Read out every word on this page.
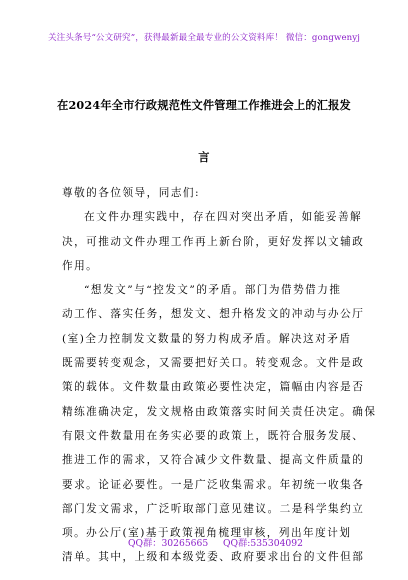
关注头条号“公文研究”，获得最新最全最专业的公文资料库！ 微信：gongwenyj
在2024年全市行政规范性文件管理工作推进会上的汇报发
言
尊敬的各位领导，同志们:
在文件办理实践中，存在四对突出矛盾，如能妥善解
决，可推动文件办理工作再上新台阶，更好发挥以文辅政
作用。
“想发文”与“控发文”的矛盾。部门为借势借力推
动工作、落实任务，想发文、想升格发文的冲动与办公厅
(室)全力控制发文数量的努力构成矛盾。解决这对矛盾
既需要转变观念，又需要把好关口。转变观念。文件是政
策的载体。文件数量由政策必要性决定，篇幅由内容是否
精练准确决定，发文规格由政策落实时间关责任决定。确保
有限文件数量用在务实必要的政策上，既符合服务发展、
推进工作的需求，又符合减少文件数量、提高文件质量的
要求。论证必要性。一是广泛收集需求。年初统一收集各
部门发文需求，广泛听取部门意见建议。二是科学集约立
项。办公厅(室)基于政策视角梳理审核，列出年度计划
清单。其中，上级和本级党委、政府要求出台的文件但部
QQ群：30265665 QQ群:535304092
